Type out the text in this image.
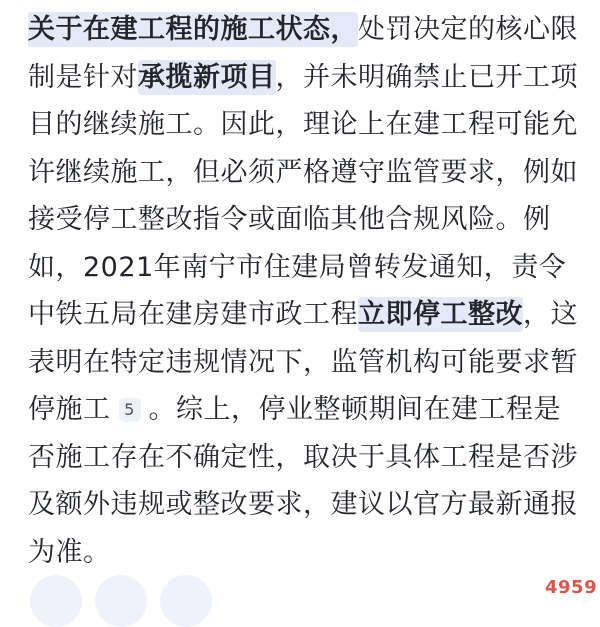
关于在建工程的施工状态，处罚决定的核心限制是针对承揽新项目，并未明确禁止已开工项目的继续施工。因此，理论上在建工程可能允许继续施工，但必须严格遵守监管要求，例如接受停工整改指令或面临其他合规风险。例如，2021年南宁市住建局曾转发通知，责令中铁五局在建房建市政工程立即停工整改，这表明在特定违规情况下，监管机构可能要求暂停施工 5 。综上，停业整顿期间在建工程是否施工存在不确定性，取决于具体工程是否涉及额外违规或整改要求，建议以官方最新通报为准。

4959
